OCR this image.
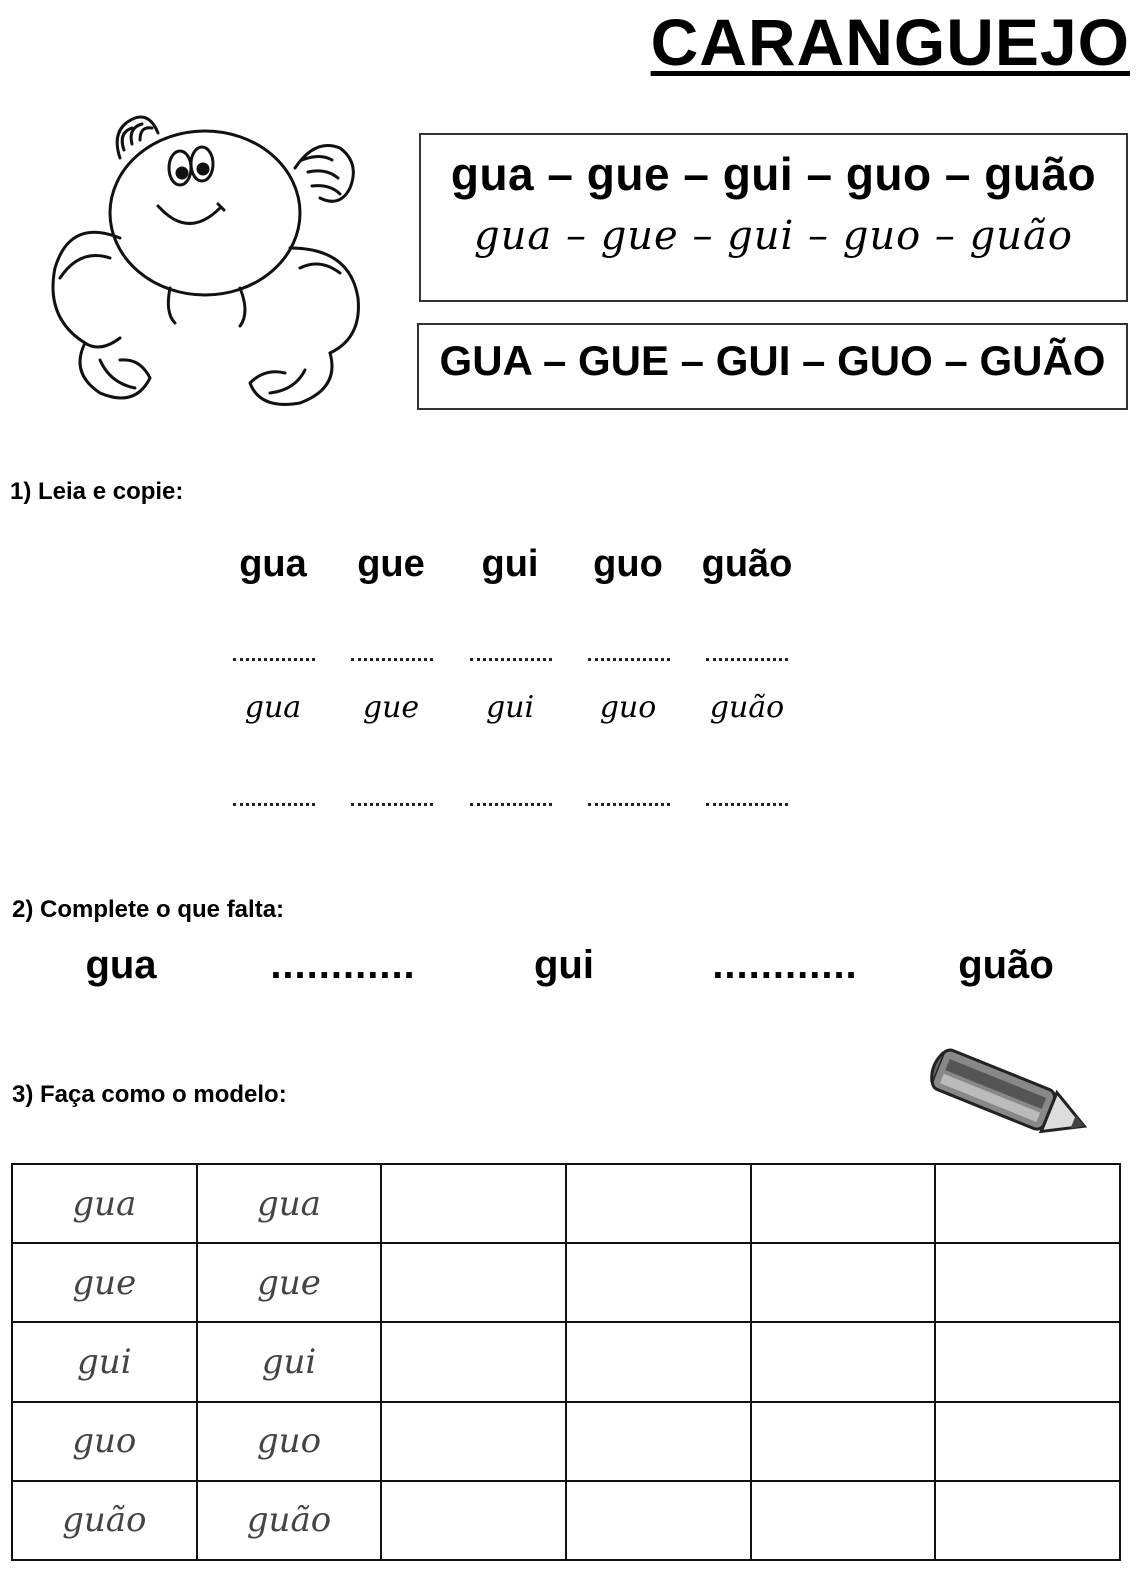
CARANGUEJO
gua – gue – gui – guo – guão
gua – gue – gui – guo – guão
GUA – GUE – GUI – GUO – GUÃO
1) Leia e copie:
gua	gue	gui	guo	guão
gua	gue	gui	guo	guão
2) Complete o que falta:
gua	............	gui	............	guão
3) Faça como o modelo:
gua	gua				
gue	gue				
gui	gui				
guo	guo				
guão	guão				
